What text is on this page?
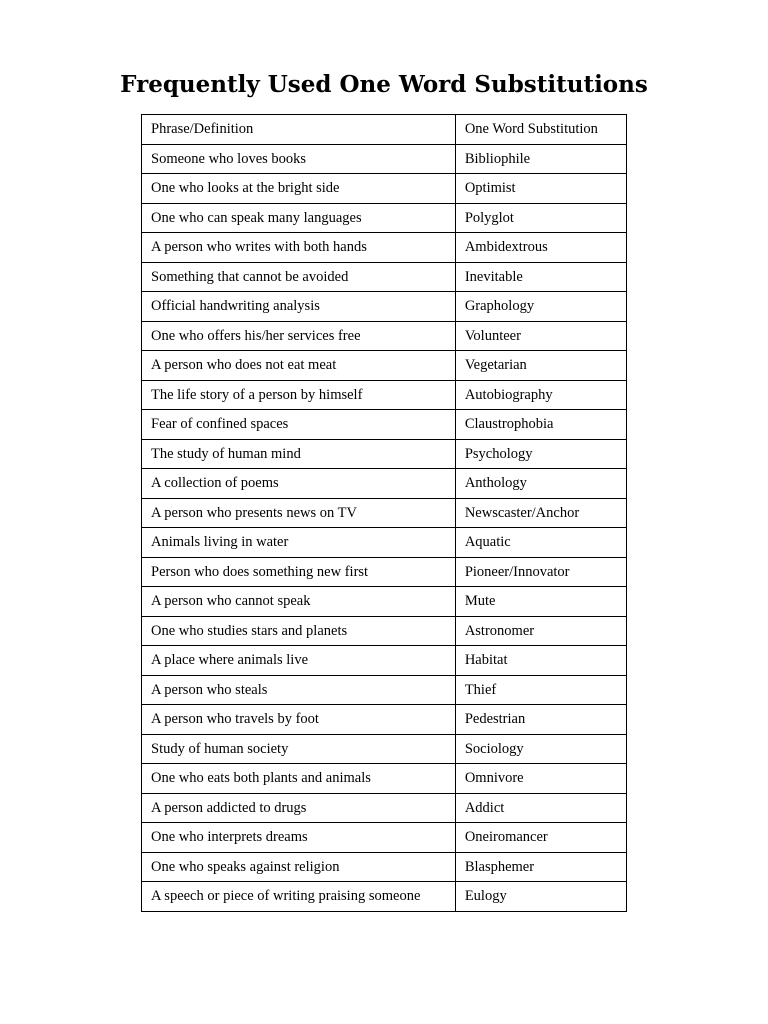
Frequently Used One Word Substitutions
Phrase/Definition	One Word Substitution
Someone who loves books	Bibliophile
One who looks at the bright side	Optimist
One who can speak many languages	Polyglot
A person who writes with both hands	Ambidextrous
Something that cannot be avoided	Inevitable
Official handwriting analysis	Graphology
One who offers his/her services free	Volunteer
A person who does not eat meat	Vegetarian
The life story of a person by himself	Autobiography
Fear of confined spaces	Claustrophobia
The study of human mind	Psychology
A collection of poems	Anthology
A person who presents news on TV	Newscaster/Anchor
Animals living in water	Aquatic
Person who does something new first	Pioneer/Innovator
A person who cannot speak	Mute
One who studies stars and planets	Astronomer
A place where animals live	Habitat
A person who steals	Thief
A person who travels by foot	Pedestrian
Study of human society	Sociology
One who eats both plants and animals	Omnivore
A person addicted to drugs	Addict
One who interprets dreams	Oneiromancer
One who speaks against religion	Blasphemer
A speech or piece of writing praising someone	Eulogy
